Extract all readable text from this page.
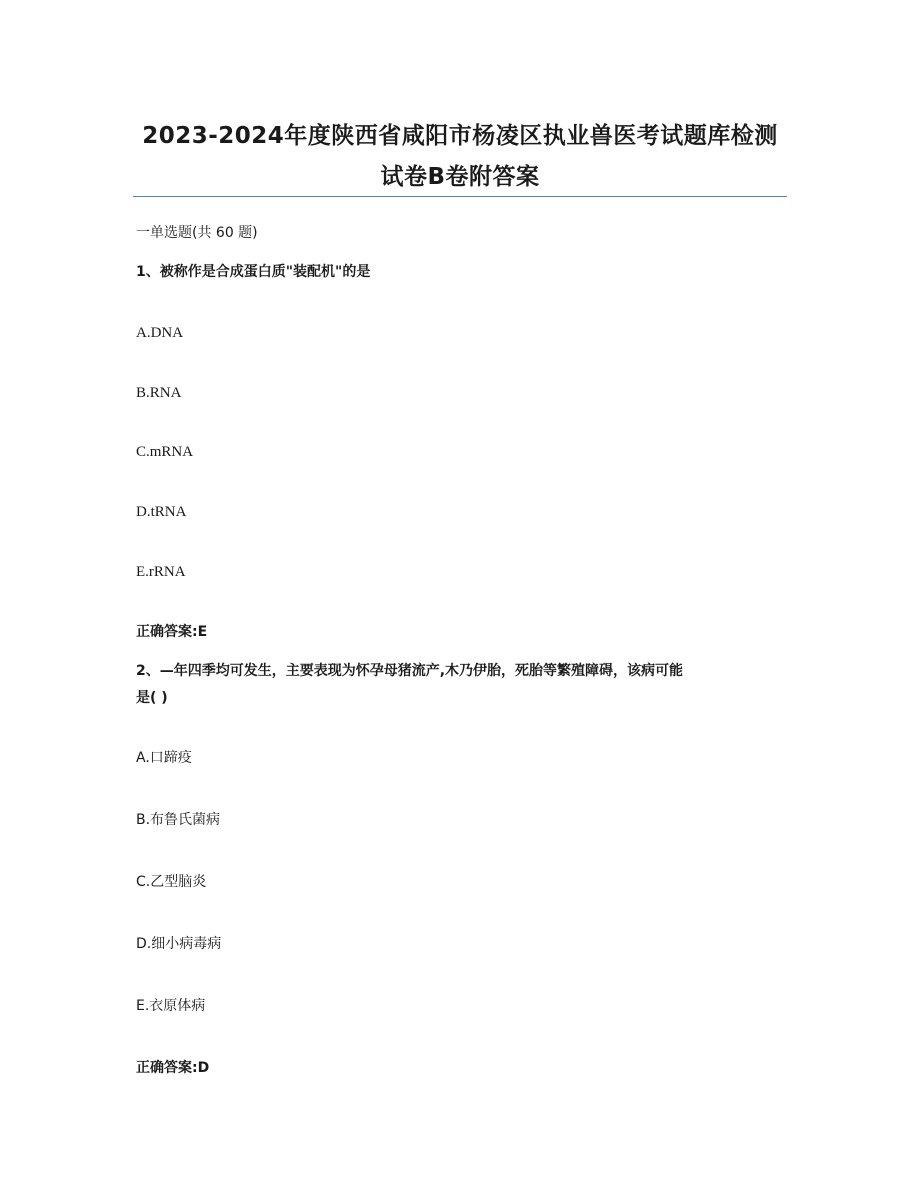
2023-2024年度陕西省咸阳市杨凌区执业兽医考试题库检测
试卷B卷附答案
一单选题(共 60 题)
1、被称作是合成蛋白质"装配机"的是
A.DNA
B.RNA
C.mRNA
D.tRNA
E.rRNA
正确答案:E
2、—年四季均可发生，主要表现为怀孕母猪流产,木乃伊胎，死胎等繁殖障碍，该病可能
是( )
A.口蹄疫
B.布鲁氏菌病
C.乙型脑炎
D.细小病毒病
E.衣原体病
正确答案:D
